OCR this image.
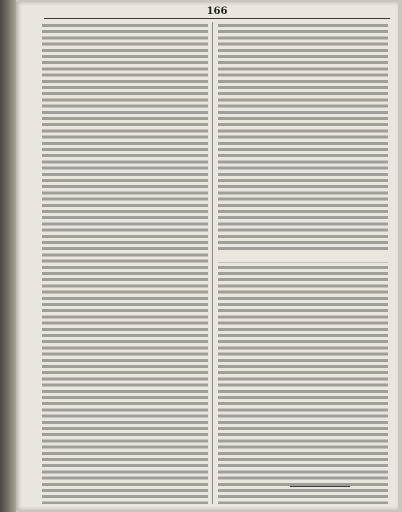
166
